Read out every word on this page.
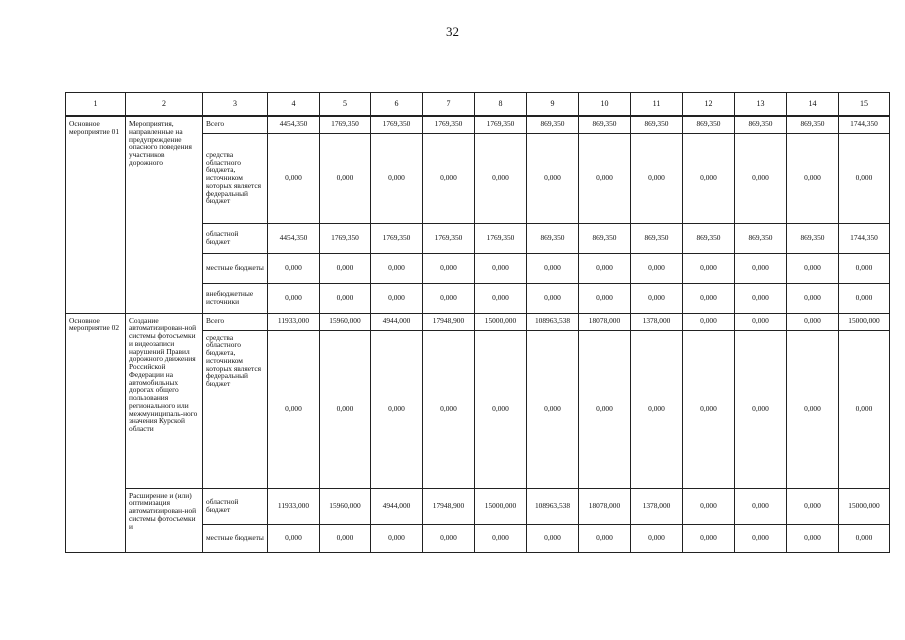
32
1	2	3	4	5	6	7	8	9	10	11	12	13	14	15
Основное мероприятие 01	Мероприятия, направленные на предупреждение опасного поведения участников дорожного	Всего	4454,350	1769,350	1769,350	1769,350	1769,350	869,350	869,350	869,350	869,350	869,350	869,350	1744,350
		средства областного бюджета, источником которых является федеральный бюджет	0,000	0,000	0,000	0,000	0,000	0,000	0,000	0,000	0,000	0,000	0,000	0,000
		областной бюджет	4454,350	1769,350	1769,350	1769,350	1769,350	869,350	869,350	869,350	869,350	869,350	869,350	1744,350
		местные бюджеты	0,000	0,000	0,000	0,000	0,000	0,000	0,000	0,000	0,000	0,000	0,000	0,000
		внебюджетные источники	0,000	0,000	0,000	0,000	0,000	0,000	0,000	0,000	0,000	0,000	0,000	0,000
Основное мероприятие 02	Создание автоматизирован-ной системы фотосъемки и видеозаписи нарушений Правил дорожного движения Российской Федерации на автомобильных дорогах общего пользования регионального или межмуниципаль-ного значения Курской области	Всего	11933,000	15960,000	4944,000	17948,900	15000,000	108963,538	18078,000	1378,000	0,000	0,000	0,000	15000,000
		средства областного бюджета, источником которых является федеральный бюджет	0,000	0,000	0,000	0,000	0,000	0,000	0,000	0,000	0,000	0,000	0,000	0,000
	Расширение и (или) оптимизация автоматизирован-ной системы фотосъемки и	областной бюджет	11933,000	15960,000	4944,000	17948,900	15000,000	108963,538	18078,000	1378,000	0,000	0,000	0,000	15000,000
		местные бюджеты	0,000	0,000	0,000	0,000	0,000	0,000	0,000	0,000	0,000	0,000	0,000	0,000
